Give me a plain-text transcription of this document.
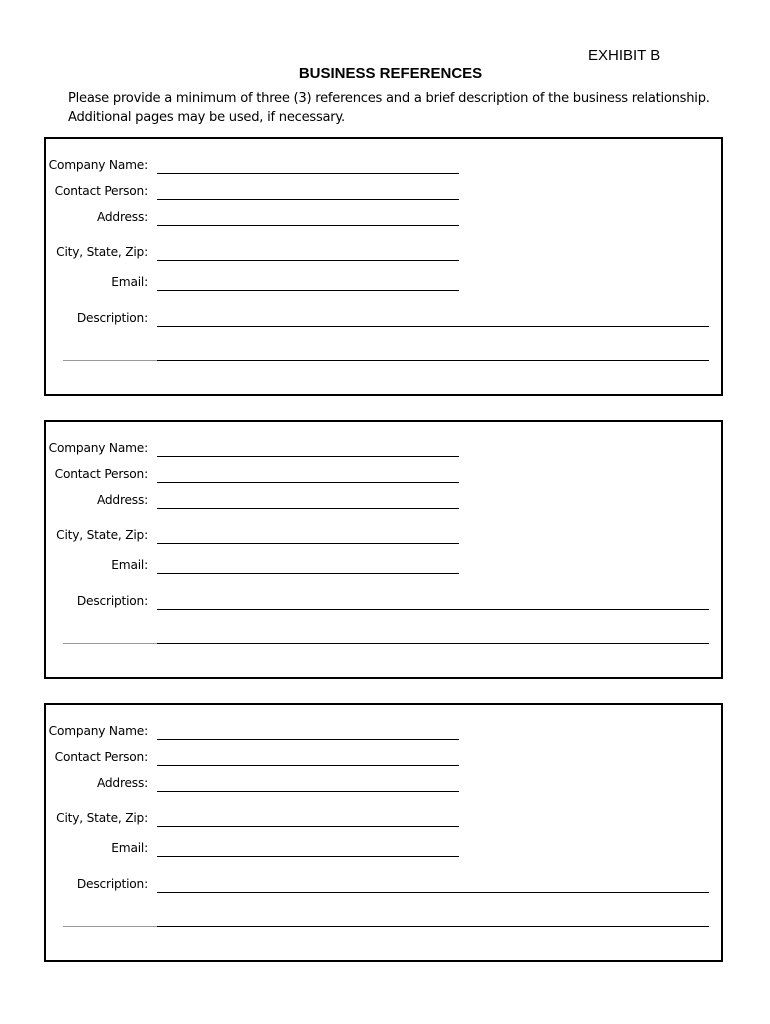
EXHIBIT B
BUSINESS REFERENCES
Please provide a minimum of three (3) references and a brief description of the business relationship.
Additional pages may be used, if necessary.
Company Name:
Contact Person:
Address:
City, State, Zip:
Email:
Description:
Company Name:
Contact Person:
Address:
City, State, Zip:
Email:
Description:
Company Name:
Contact Person:
Address:
City, State, Zip:
Email:
Description:
